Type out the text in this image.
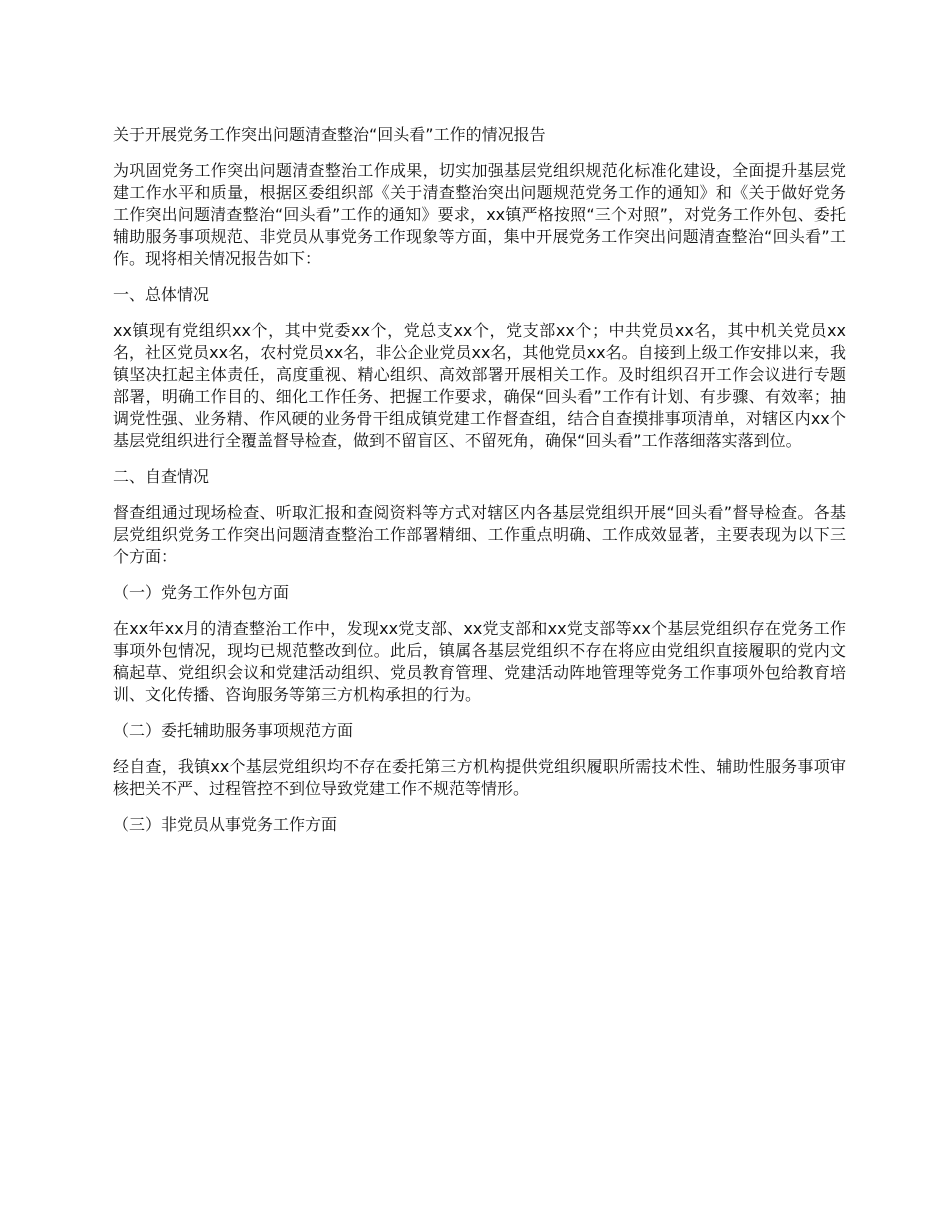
关于开展党务工作突出问题清查整治“回头看”工作的情况报告

为巩固党务工作突出问题清查整治工作成果，切实加强基层党组织规范化标准化建设，全面提升基层党建工作水平和质量，根据区委组织部《关于清查整治突出问题规范党务工作的通知》和《关于做好党务工作突出问题清查整治“回头看”工作的通知》要求，xx镇严格按照“三个对照”，对党务工作外包、委托辅助服务事项规范、非党员从事党务工作现象等方面，集中开展党务工作突出问题清查整治“回头看”工作。现将相关情况报告如下：

一、总体情况

xx镇现有党组织xx个，其中党委xx个，党总支xx个，党支部xx个；中共党员xx名，其中机关党员xx名，社区党员xx名，农村党员xx名，非公企业党员xx名，其他党员xx名。自接到上级工作安排以来，我镇坚决扛起主体责任，高度重视、精心组织、高效部署开展相关工作。及时组织召开工作会议进行专题部署，明确工作目的、细化工作任务、把握工作要求，确保“回头看”工作有计划、有步骤、有效率；抽调党性强、业务精、作风硬的业务骨干组成镇党建工作督查组，结合自查摸排事项清单，对辖区内xx个基层党组织进行全覆盖督导检查，做到不留盲区、不留死角，确保“回头看”工作落细落实落到位。

二、自查情况

督查组通过现场检查、听取汇报和查阅资料等方式对辖区内各基层党组织开展“回头看”督导检查。各基层党组织党务工作突出问题清查整治工作部署精细、工作重点明确、工作成效显著，主要表现为以下三个方面：

（一）党务工作外包方面

在xx年xx月的清查整治工作中，发现xx党支部、xx党支部和xx党支部等xx个基层党组织存在党务工作事项外包情况，现均已规范整改到位。此后，镇属各基层党组织不存在将应由党组织直接履职的党内文稿起草、党组织会议和党建活动组织、党员教育管理、党建活动阵地管理等党务工作事项外包给教育培训、文化传播、咨询服务等第三方机构承担的行为。

（二）委托辅助服务事项规范方面

经自查，我镇xx个基层党组织均不存在委托第三方机构提供党组织履职所需技术性、辅助性服务事项审核把关不严、过程管控不到位导致党建工作不规范等情形。

（三）非党员从事党务工作方面
